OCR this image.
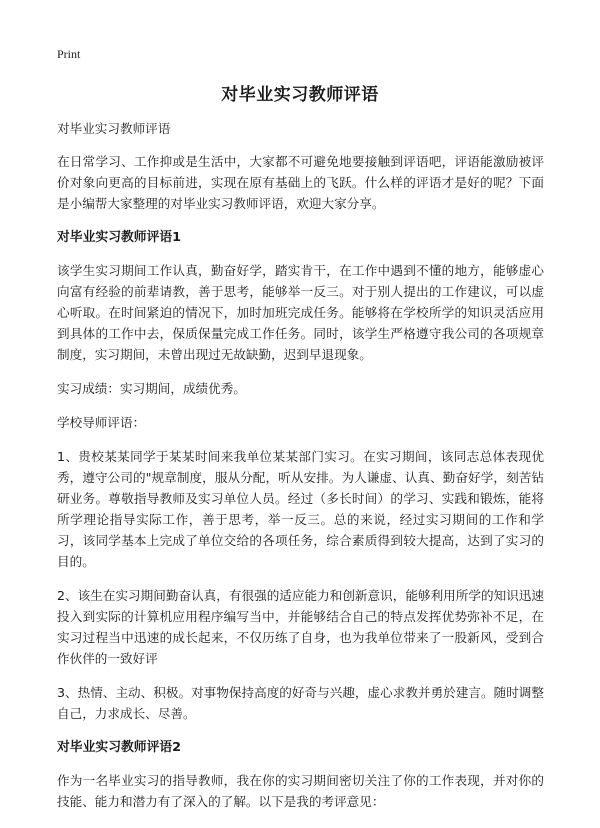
Print
对毕业实习教师评语

对毕业实习教师评语

在日常学习、工作抑或是生活中，大家都不可避免地要接触到评语吧，评语能激励被评价对象向更高的目标前进，实现在原有基础上的飞跃。什么样的评语才是好的呢？下面是小编帮大家整理的对毕业实习教师评语，欢迎大家分享。

对毕业实习教师评语1

该学生实习期间工作认真，勤奋好学，踏实肯干，在工作中遇到不懂的地方，能够虚心向富有经验的前辈请教，善于思考，能够举一反三。对于别人提出的工作建议，可以虚心听取。在时间紧迫的情况下，加时加班完成任务。能够将在学校所学的知识灵活应用到具体的工作中去，保质保量完成工作任务。同时，该学生严格遵守我公司的各项规章制度，实习期间，未曾出现过无故缺勤，迟到早退现象。

实习成绩：实习期间，成绩优秀。

学校导师评语：

1、贵校某某同学于某某时间来我单位某某部门实习。在实习期间，该同志总体表现优秀，遵守公司的"规章制度，服从分配，听从安排。为人谦虚、认真、勤奋好学，刻苦钻研业务。尊敬指导教师及实习单位人员。经过（多长时间）的学习、实践和锻炼，能将所学理论指导实际工作，善于思考，举一反三。总的来说，经过实习期间的工作和学习，该同学基本上完成了单位交给的各项任务，综合素质得到较大提高，达到了实习的目的。

2、该生在实习期间勤奋认真，有很强的适应能力和创新意识，能够利用所学的知识迅速投入到实际的计算机应用程序编写当中，并能够结合自己的特点发挥优势弥补不足，在实习过程当中迅速的成长起来，不仅历练了自身，也为我单位带来了一股新风，受到合作伙伴的一致好评

3、热情、主动、积极。对事物保持高度的好奇与兴趣，虚心求教并勇於建言。随时调整自己，力求成长、尽善。

对毕业实习教师评语2

作为一名毕业实习的指导教师，我在你的实习期间密切关注了你的工作表现，并对你的技能、能力和潜力有了深入的了解。以下是我的考评意见：
